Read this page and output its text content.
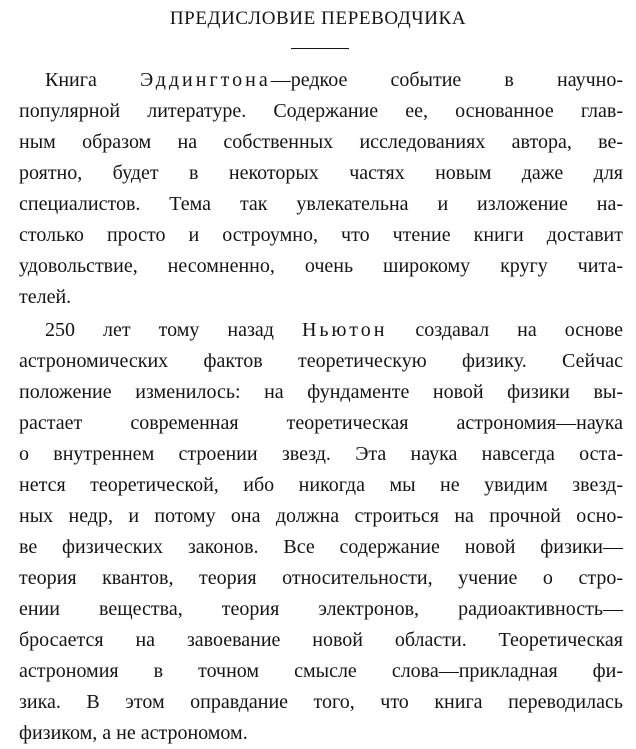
ПРЕДИСЛОВИЕ ПЕРЕВОДЧИКА
Книга Эддингтона—редкое событие в научно-
популярной литературе. Содержание ее, основанное глав-
ным образом на собственных исследованиях автора, ве-
роятно, будет в некоторых частях новым даже для
специалистов. Тема так увлекательна и изложение на-
столько просто и остроумно, что чтение книги доставит
удовольствие, несомненно, очень широкому кругу чита-
телей.
250 лет тому назад Ньютон создавал на основе
астрономических фактов теоретическую физику. Сейчас
положение изменилось: на фундаменте новой физики вы-
растает современная теоретическая астрономия—наука
о внутреннем строении звезд. Эта наука навсегда оста-
нется теоретической, ибо никогда мы не увидим звезд-
ных недр, и потому она должна строиться на прочной осно-
ве физических законов. Все содержание новой физики—
теория квантов, теория относительности, учение о стро-
ении вещества, теория электронов, радиоактивность—
бросается на завоевание новой области. Теоретическая
астрономия в точном смысле слова—прикладная фи-
зика. В этом оправдание того, что книга переводилась
физиком, а не астрономом.
